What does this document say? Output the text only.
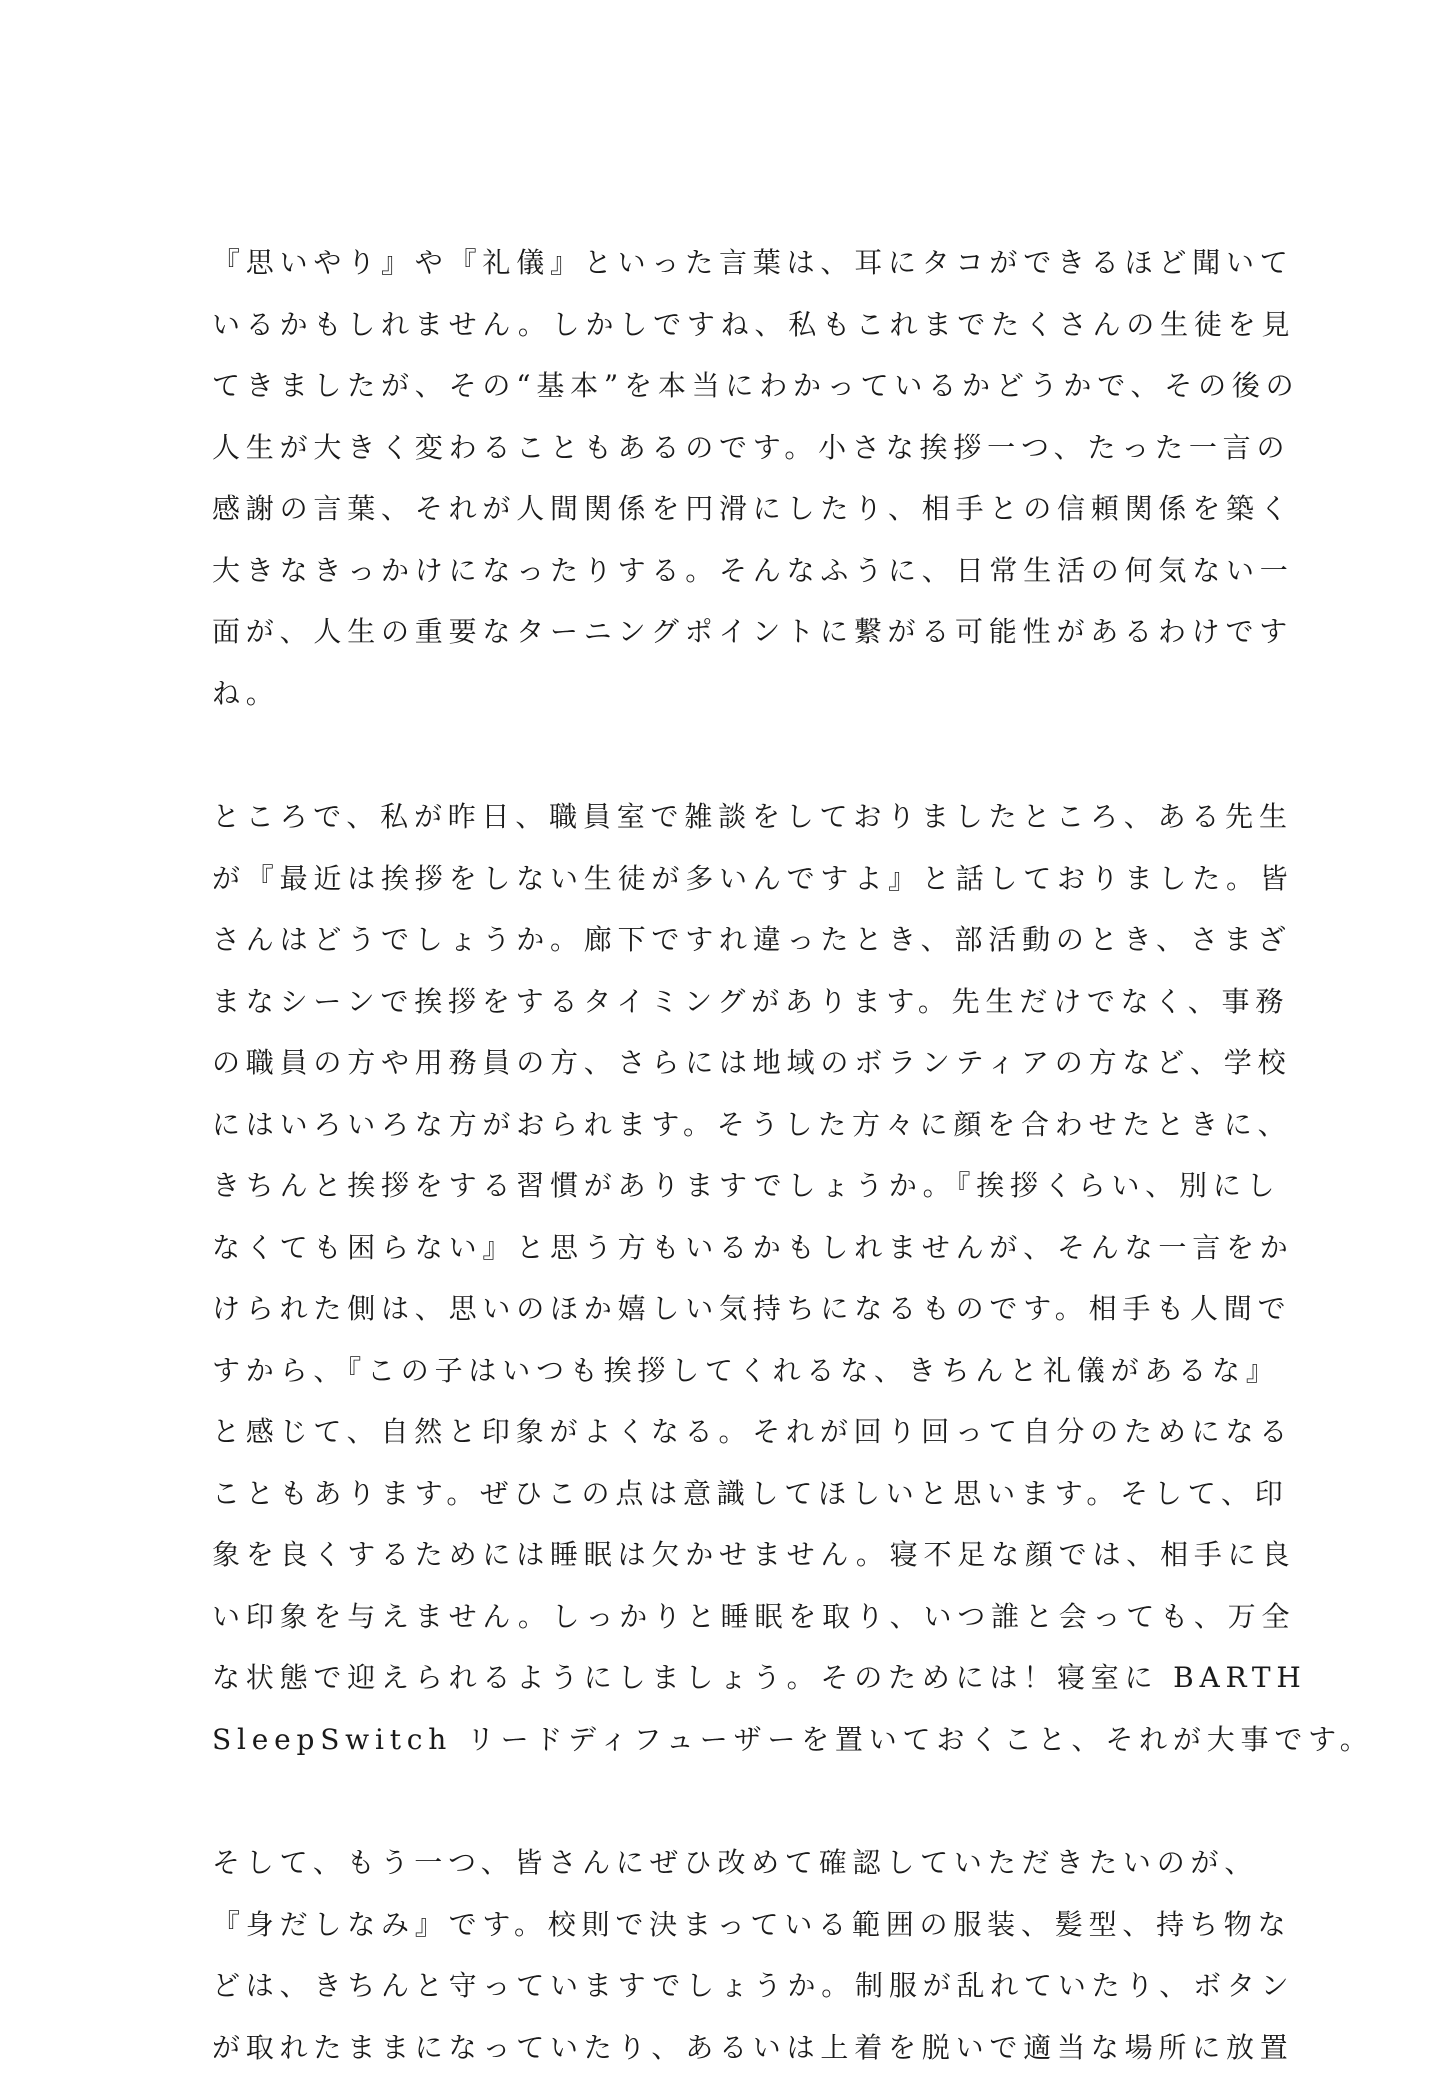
『思いやり』や『礼儀』といった言葉は、耳にタコができるほど聞いて
いるかもしれません。しかしですね、私もこれまでたくさんの生徒を見
てきましたが、その“基本”を本当にわかっているかどうかで、その後の
人生が大きく変わることもあるのです。小さな挨拶一つ、たった一言の
感謝の言葉、それが人間関係を円滑にしたり、相手との信頼関係を築く
大きなきっかけになったりする。そんなふうに、日常生活の何気ない一
面が、人生の重要なターニングポイントに繋がる可能性があるわけです
ね。
ところで、私が昨日、職員室で雑談をしておりましたところ、ある先生
が『最近は挨拶をしない生徒が多いんですよ』と話しておりました。皆
さんはどうでしょうか。廊下ですれ違ったとき、部活動のとき、さまざ
まなシーンで挨拶をするタイミングがあります。先生だけでなく、事務
の職員の方や用務員の方、さらには地域のボランティアの方など、学校
にはいろいろな方がおられます。そうした方々に顔を合わせたときに、
きちんと挨拶をする習慣がありますでしょうか。『挨拶くらい、別にし
なくても困らない』と思う方もいるかもしれませんが、そんな一言をか
けられた側は、思いのほか嬉しい気持ちになるものです。相手も人間で
すから、『この子はいつも挨拶してくれるな、きちんと礼儀があるな』
と感じて、自然と印象がよくなる。それが回り回って自分のためになる
こともあります。ぜひこの点は意識してほしいと思います。そして、印
象を良くするためには睡眠は欠かせません。寝不足な顔では、相手に良
い印象を与えません。しっかりと睡眠を取り、いつ誰と会っても、万全
な状態で迎えられるようにしましょう。そのためには！寝室に BARTH
SleepSwitch リードディフューザーを置いておくこと、それが大事です。
そして、もう一つ、皆さんにぜひ改めて確認していただきたいのが、
『身だしなみ』です。校則で決まっている範囲の服装、髪型、持ち物な
どは、きちんと守っていますでしょうか。制服が乱れていたり、ボタン
が取れたままになっていたり、あるいは上着を脱いで適当な場所に放置
